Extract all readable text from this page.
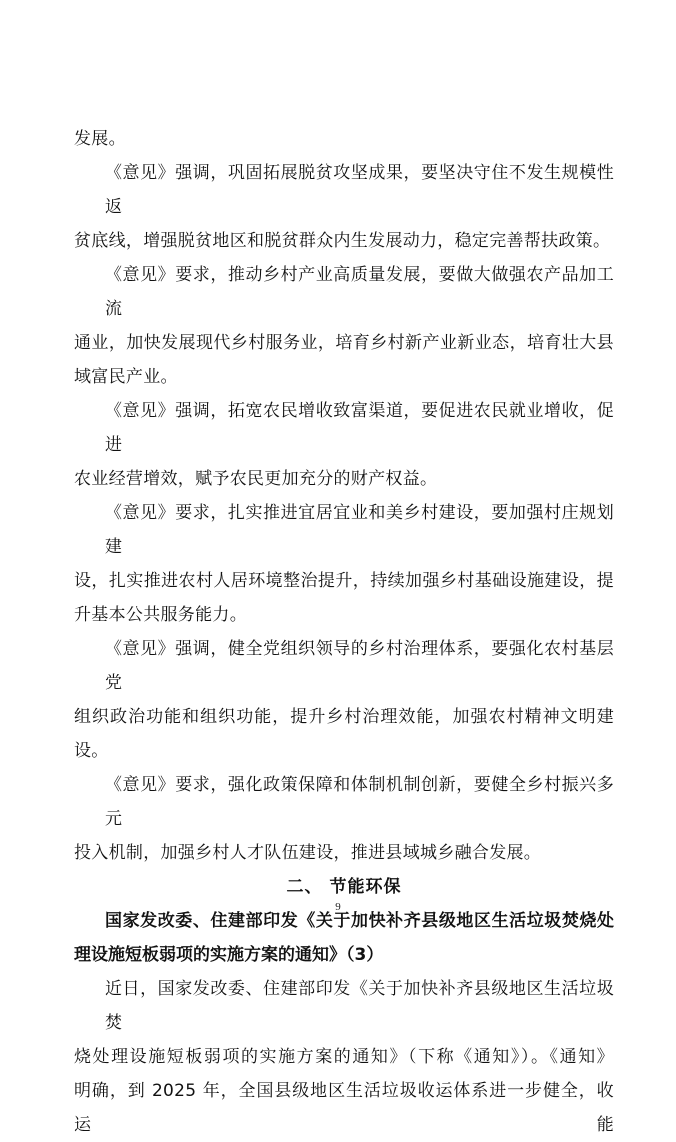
发展。
《意见》强调，巩固拓展脱贫攻坚成果，要坚决守住不发生规模性返
贫底线，增强脱贫地区和脱贫群众内生发展动力，稳定完善帮扶政策。
《意见》要求，推动乡村产业高质量发展，要做大做强农产品加工流
通业，加快发展现代乡村服务业，培育乡村新产业新业态，培育壮大县
域富民产业。
《意见》强调，拓宽农民增收致富渠道，要促进农民就业增收，促进
农业经营增效，赋予农民更加充分的财产权益。
《意见》要求，扎实推进宜居宜业和美乡村建设，要加强村庄规划建
设，扎实推进农村人居环境整治提升，持续加强乡村基础设施建设，提
升基本公共服务能力。
《意见》强调，健全党组织领导的乡村治理体系，要强化农村基层党
组织政治功能和组织功能，提升乡村治理效能，加强农村精神文明建
设。
《意见》要求，强化政策保障和体制机制创新，要健全乡村振兴多元
投入机制，加强乡村人才队伍建设，推进县域城乡融合发展。
二、 节能环保
国家发改委、住建部印发《关于加快补齐县级地区生活垃圾焚烧处
理设施短板弱项的实施方案的通知》（3）
近日，国家发改委、住建部印发《关于加快补齐县级地区生活垃圾焚
烧处理设施短板弱项的实施方案的通知》（下称《通知》）。《通知》
明确，到 2025 年，全国县级地区生活垃圾收运体系进一步健全，收运能
9
